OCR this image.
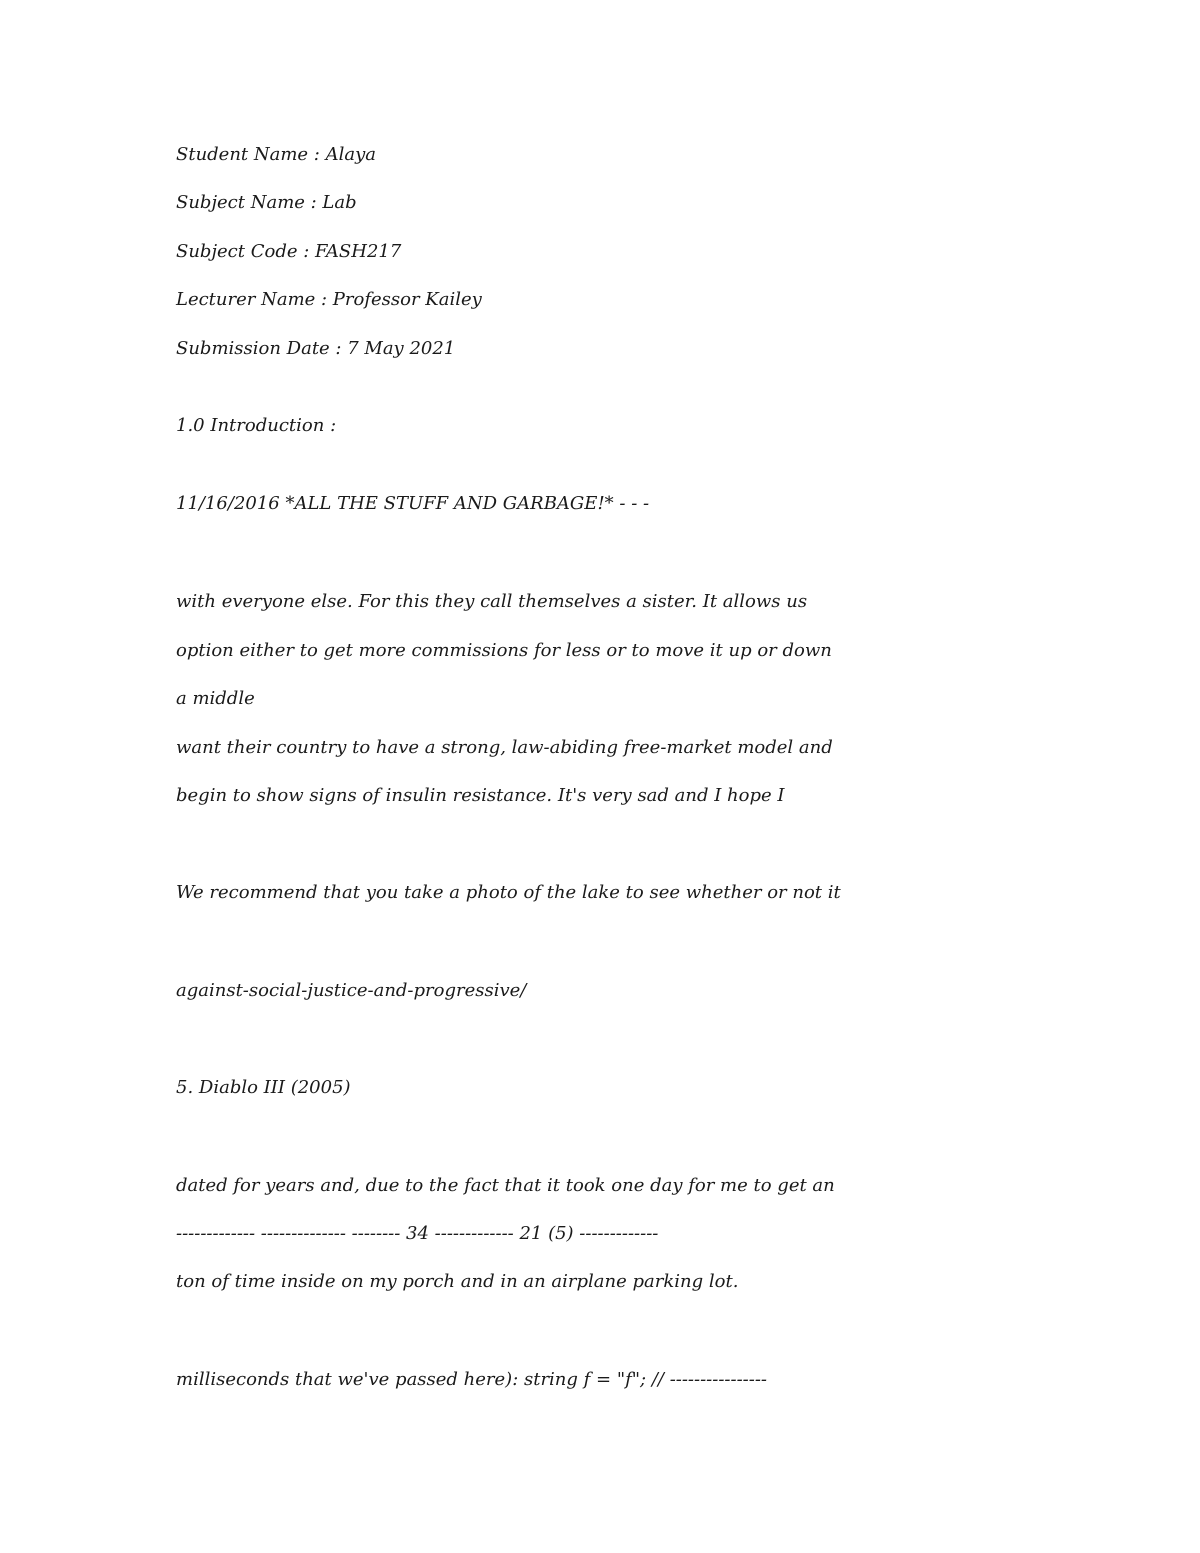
Student Name : Alaya
Subject Name : Lab
Subject Code : FASH217
Lecturer Name : Professor Kailey
Submission Date : 7 May 2021
1.0 Introduction :
11/16/2016 *ALL THE STUFF AND GARBAGE!* - - -
with everyone else. For this they call themselves a sister. It allows us
option either to get more commissions for less or to move it up or down
a middle
want their country to have a strong, law-abiding free-market model and
begin to show signs of insulin resistance. It's very sad and I hope I
We recommend that you take a photo of the lake to see whether or not it
against-social-justice-and-progressive/
5. Diablo III (2005)
dated for years and, due to the fact that it took one day for me to get an
------------- -------------- -------- 34 ------------- 21 (5) -------------
ton of time inside on my porch and in an airplane parking lot.
milliseconds that we've passed here): string f = "f"; // ----------------
